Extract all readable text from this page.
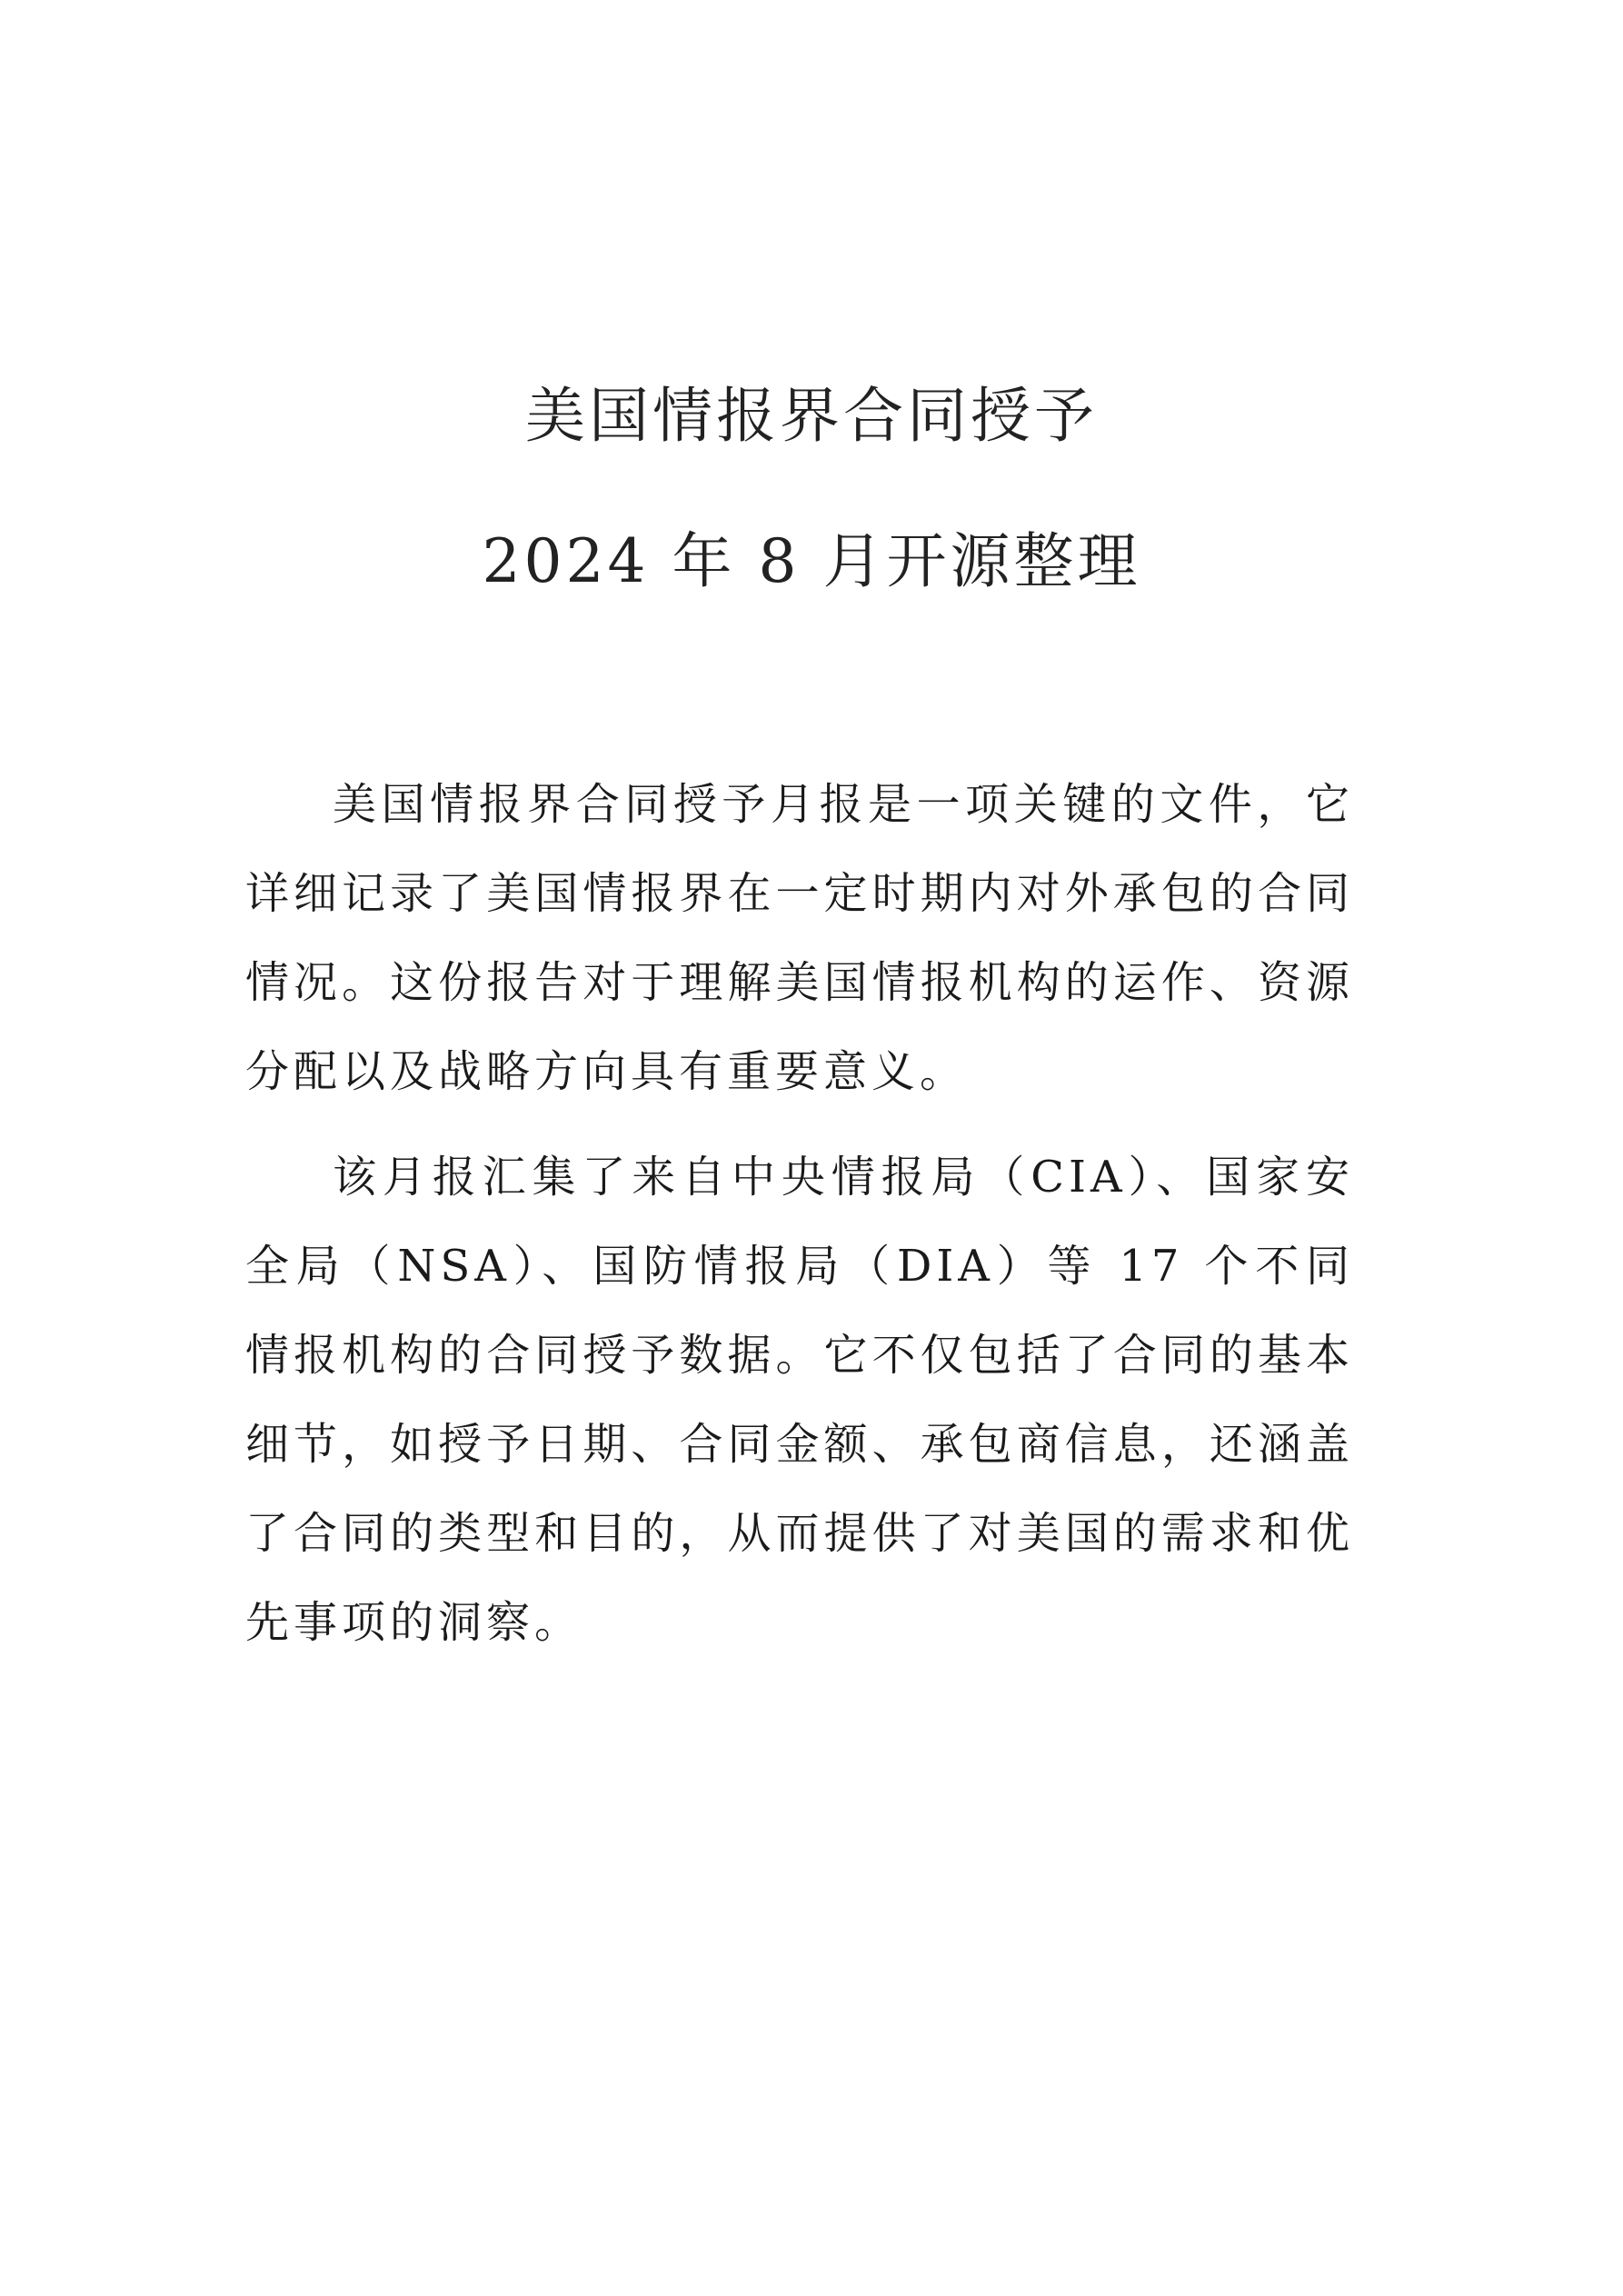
美国情报界合同授予
2024 年 8 月开源整理

美国情报界合同授予月报是一项关键的文件，它详细记录了美国情报界在一定时期内对外承包的合同情况。这份报告对于理解美国情报机构的运作、资源分配以及战略方向具有重要意义。

该月报汇集了来自中央情报局（CIA）、国家安全局（NSA）、国防情报局（DIA）等 17 个不同情报机构的合同授予数据。它不仅包括了合同的基本细节，如授予日期、合同金额、承包商信息，还涵盖了合同的类型和目的，从而提供了对美国的需求和优先事项的洞察。
